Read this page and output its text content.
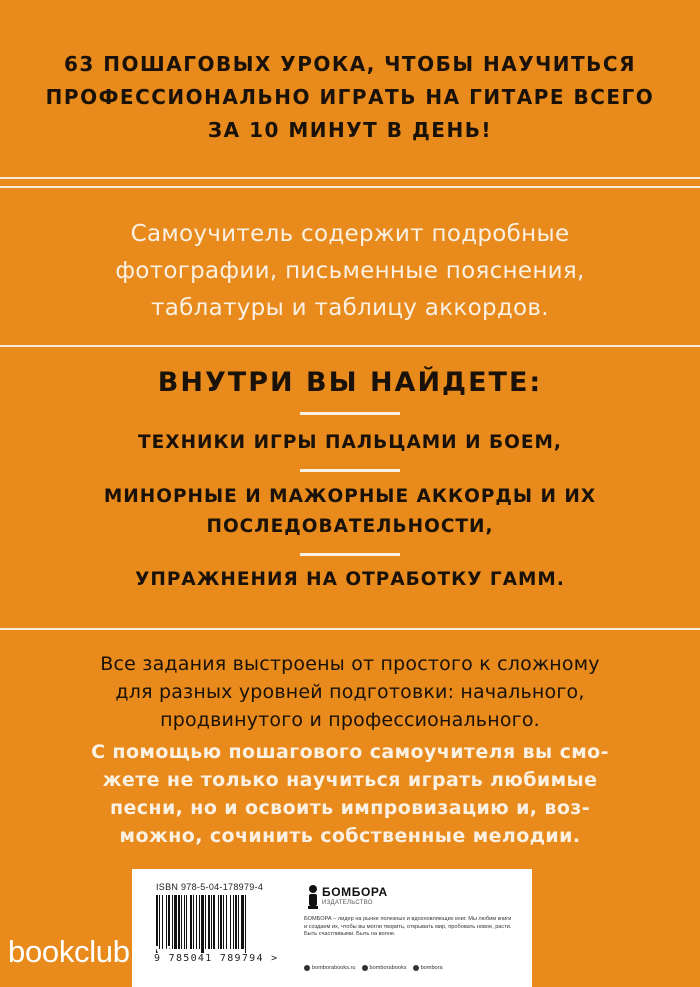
63 ПОШАГОВЫХ УРОКА, ЧТОБЫ НАУЧИТЬСЯ
ПРОФЕССИОНАЛЬНО ИГРАТЬ НА ГИТАРЕ ВСЕГО
ЗА 10 МИНУТ В ДЕНЬ!
Самоучитель содержит подробные
фотографии, письменные пояснения,
таблатуры и таблицу аккордов.
ВНУТРИ ВЫ НАЙДЕТЕ:
ТЕХНИКИ ИГРЫ ПАЛЬЦАМИ И БОЕМ,
МИНОРНЫЕ И МАЖОРНЫЕ АККОРДЫ И ИХ
ПОСЛЕДОВАТЕЛЬНОСТИ,
УПРАЖНЕНИЯ НА ОТРАБОТКУ ГАММ.
Все задания выстроены от простого к сложному
для разных уровней подготовки: начального,
продвинутого и профессионального.
С помощью пошагового самоучителя вы смо-
жете не только научиться играть любимые
песни, но и освоить импровизацию и, воз-
можно, сочинить собственные мелодии.
ISBN 978-5-04-178979-4
9 785041 789794 >
БОМБОРА
ИЗДАТЕЛЬСТВО
БОМБОРА – лидер на рынке полезных и вдохновляющих книг. Мы любим книги и создаем их, чтобы вы могли творить, открывать мир, пробовать новое, расти. Быть счастливыми. Быть на волне.
bomborabooks.ru	bomborabooks	bombora
bookclub.by
